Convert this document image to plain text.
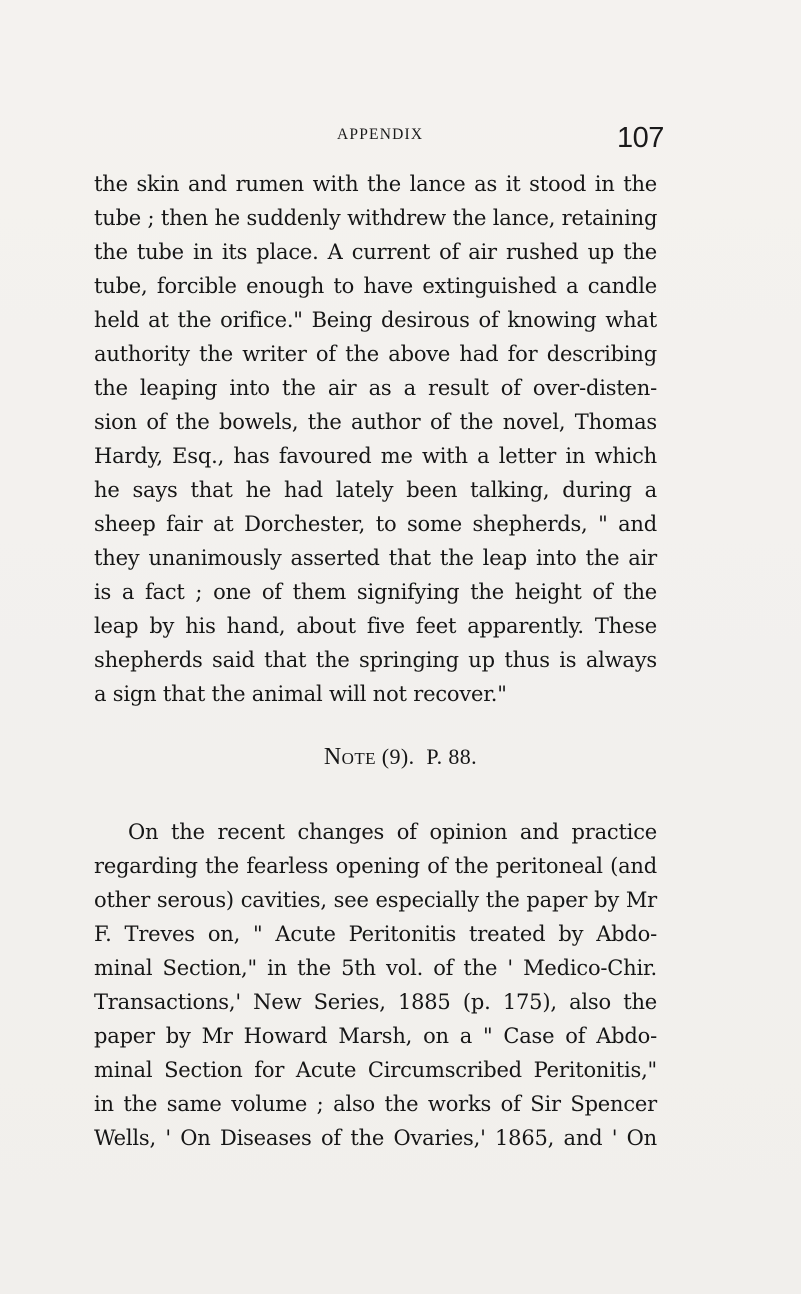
APPENDIX	107
the skin and rumen with the lance as it stood in the
tube ; then he suddenly withdrew the lance, retaining
the tube in its place. A current of air rushed up the
tube, forcible enough to have extinguished a candle
held at the orifice." Being desirous of knowing what
authority the writer of the above had for describing
the leaping into the air as a result of over-disten-
sion of the bowels, the author of the novel, Thomas
Hardy, Esq., has favoured me with a letter in which
he says that he had lately been talking, during a
sheep fair at Dorchester, to some shepherds, " and
they unanimously asserted that the leap into the air
is a fact ; one of them signifying the height of the
leap by his hand, about five feet apparently. These
shepherds said that the springing up thus is always
a sign that the animal will not recover."
NOTE (9). P. 88.
On the recent changes of opinion and practice
regarding the fearless opening of the peritoneal (and
other serous) cavities, see especially the paper by Mr
F. Treves on, " Acute Peritonitis treated by Abdo-
minal Section," in the 5th vol. of the ' Medico-Chir.
Transactions,' New Series, 1885 (p. 175), also the
paper by Mr Howard Marsh, on a " Case of Abdo-
minal Section for Acute Circumscribed Peritonitis,"
in the same volume ; also the works of Sir Spencer
Wells, ' On Diseases of the Ovaries,' 1865, and ' On
